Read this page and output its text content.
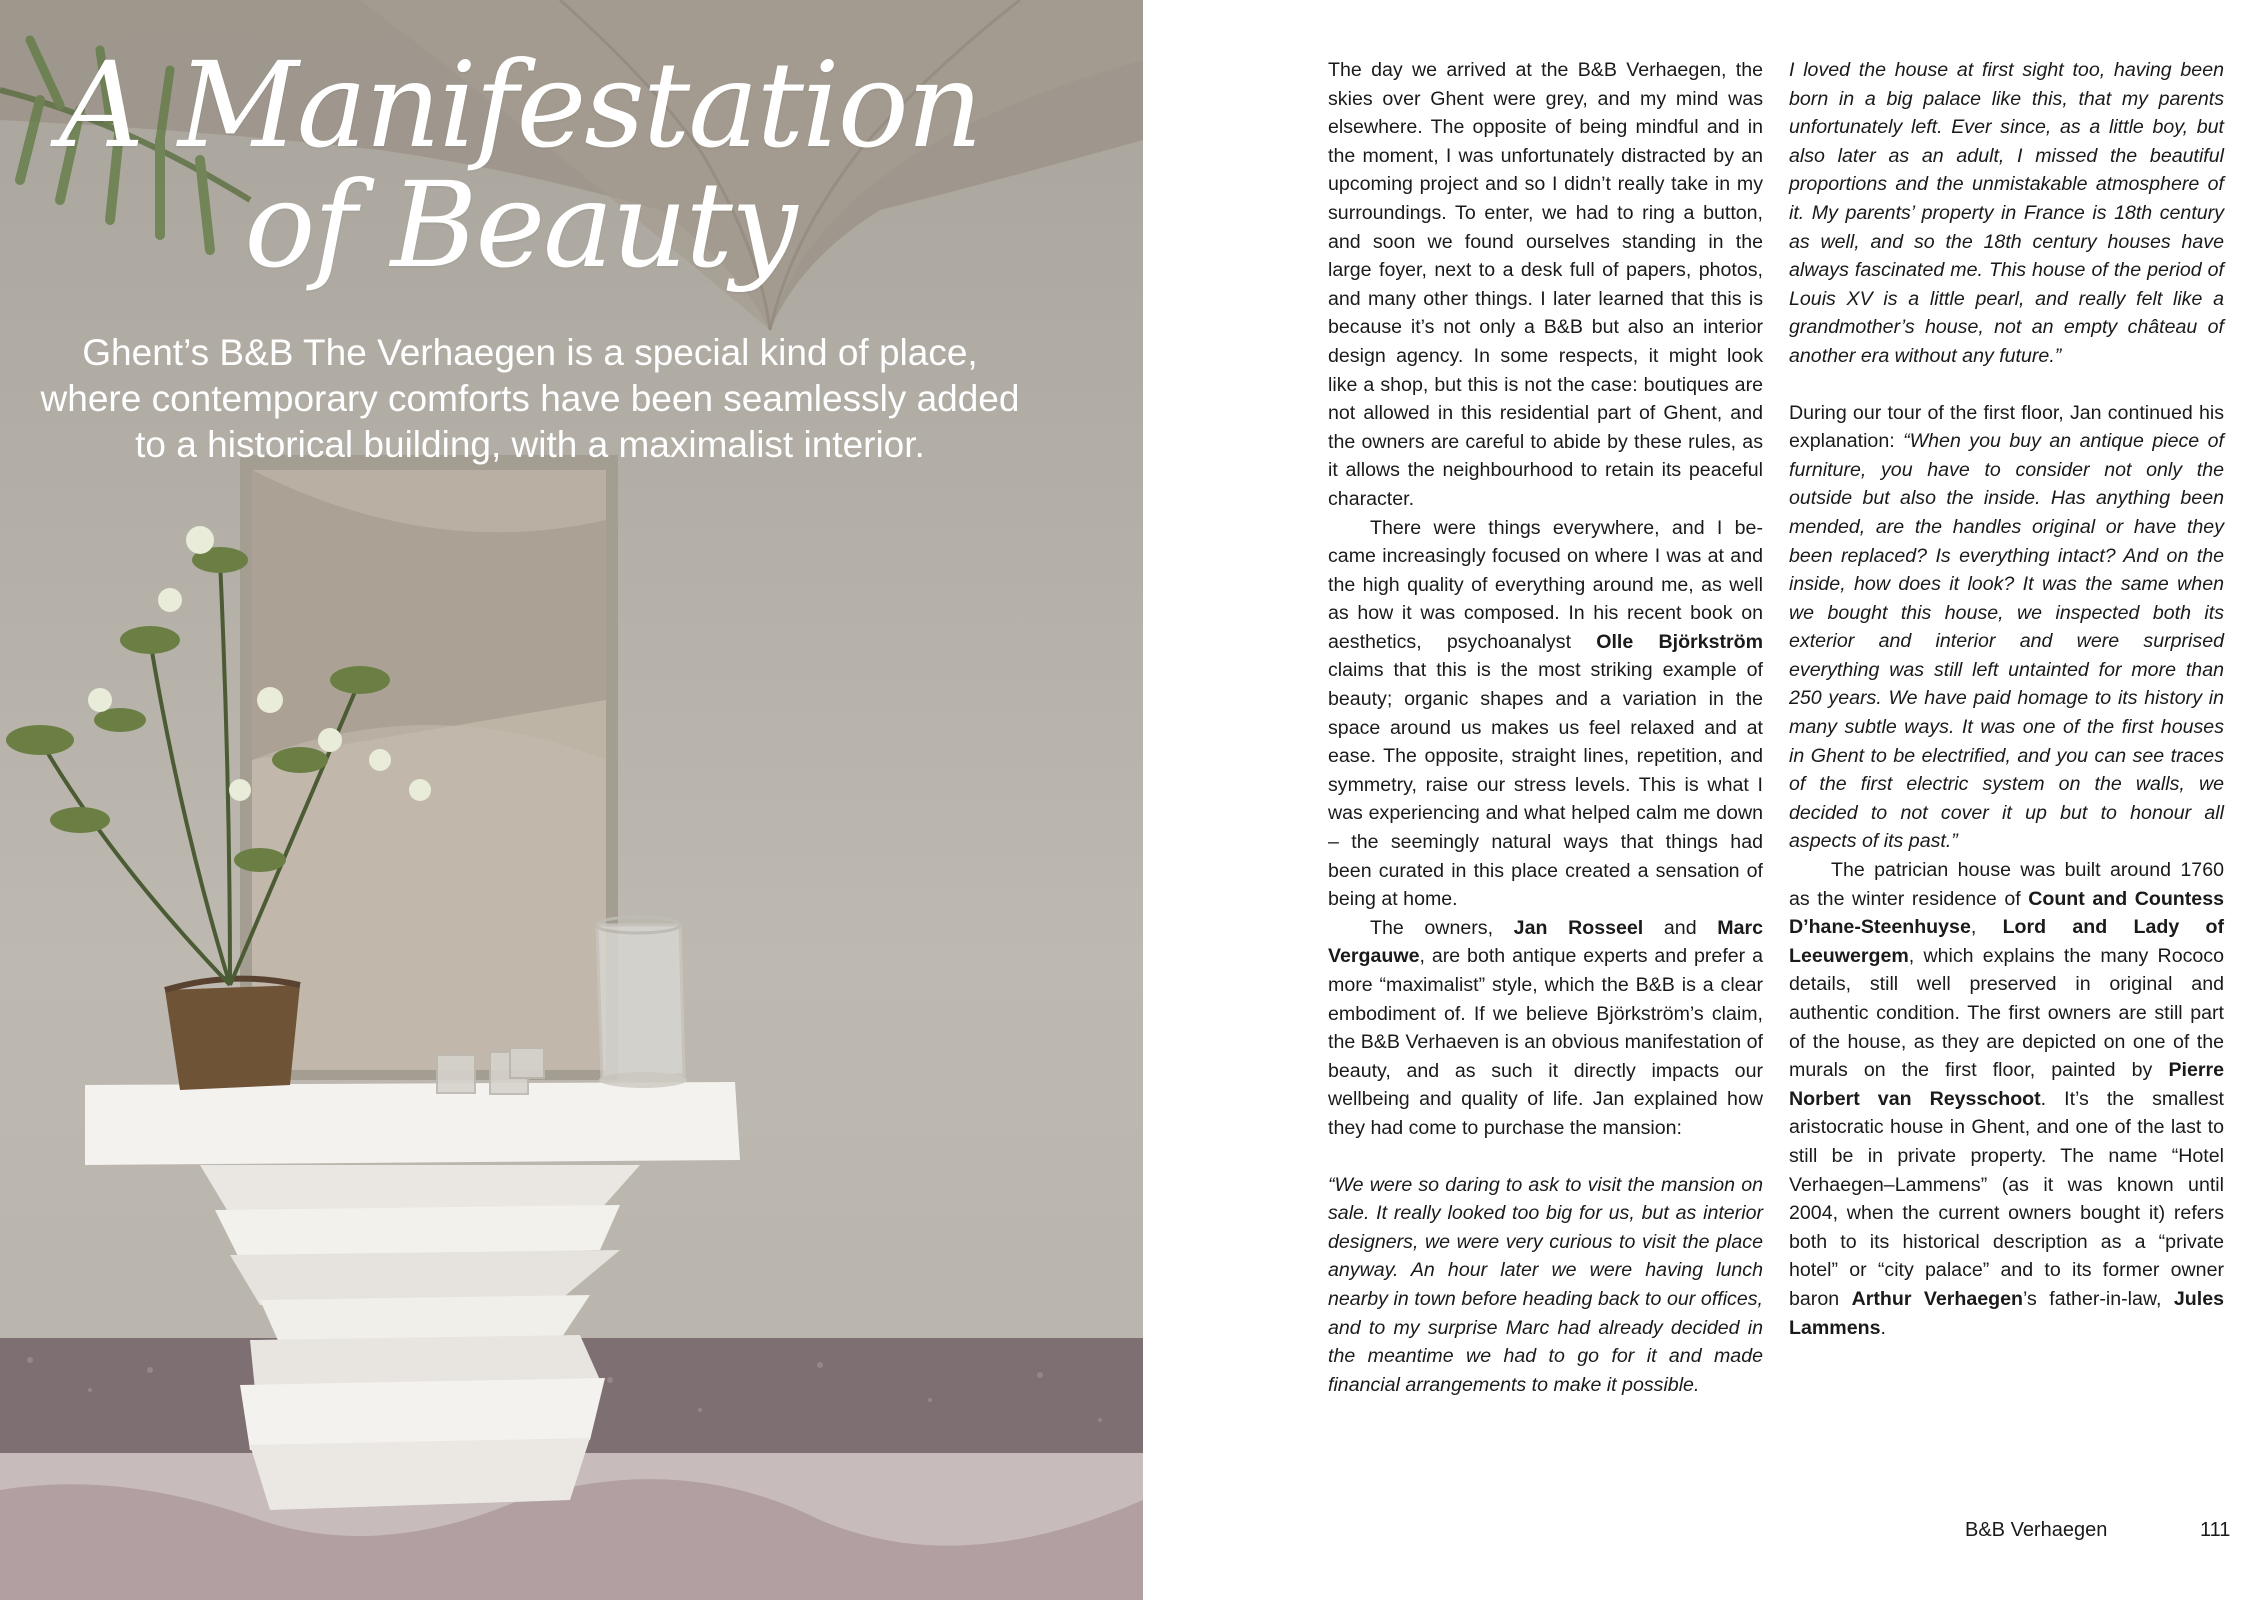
A Manifestation
of Beauty
Ghent’s B&B The Verhaegen is a special kind of place, where contemporary comforts have been seamlessly added to a historical building, with a maximalist interior.

The day we arrived at the B&B Verhaegen, the skies over Ghent were grey, and my mind was elsewhere. The opposite of being mindful and in the moment, I was unfortunately distracted by an upcoming project and so I didn’t really take in my surroundings. To enter, we had to ring a button, and soon we found ourselves standing in the large foyer, next to a desk full of papers, photos, and many other things. I later learned that this is because it’s not only a B&B but also an interior design agency. In some respects, it might look like a shop, but this is not the case: boutiques are not allowed in this residential part of Ghent, and the owners are careful to abide by these rules, as it allows the neighbourhood to retain its peaceful character.

There were things everywhere, and I became increasingly focused on where I was at and the high quality of everything around me, as well as how it was composed. In his recent book on aesthetics, psychoanalyst Olle Björkström claims that this is the most striking example of beauty; organic shapes and a variation in the space around us makes us feel relaxed and at ease. The opposite, straight lines, repetition, and symmetry, raise our stress levels. This is what I was experiencing and what helped calm me down – the seemingly natural ways that things had been curated in this place created a sensation of being at home.

The owners, Jan Rosseel and Marc Vergauwe, are both antique experts and prefer a more “maximalist” style, which the B&B is a clear embodiment of. If we believe Björkström’s claim, the B&B Verhaeven is an obvious manifestation of beauty, and as such it directly impacts our wellbeing and quality of life. Jan explained how they had come to purchase the mansion:

“We were so daring to ask to visit the mansion on sale. It really looked too big for us, but as interior designers, we were very curious to visit the place anyway. An hour later we were having lunch nearby in town before heading back to our offices, and to my surprise Marc had already decided in the meantime we had to go for it and made financial arrangements to make it possible.

I loved the house at first sight too, having been born in a big palace like this, that my parents unfortunately left. Ever since, as a little boy, but also later as an adult, I missed the beautiful proportions and the unmistakable atmosphere of it. My parents’ property in France is 18th century as well, and so the 18th century houses have always fascinated me. This house of the period of Louis XV is a little pearl, and really felt like a grandmother’s house, not an empty château of another era without any future.”

During our tour of the first floor, Jan continued his explanation: “When you buy an antique piece of furniture, you have to consider not only the outside but also the inside. Has anything been mended, are the handles original or have they been replaced? Is everything intact? And on the inside, how does it look? It was the same when we bought this house, we inspected both its exterior and interior and were surprised everything was still left untainted for more than 250 years. We have paid homage to its history in many subtle ways. It was one of the first houses in Ghent to be electrified, and you can see traces of the first electric system on the walls, we decided to not cover it up but to honour all aspects of its past.”

The patrician house was built around 1760 as the winter residence of Count and Countess D’hane-Steenhuyse, Lord and Lady of Leeuwergem, which explains the many Rococo details, still well preserved in original and authentic condition. The first owners are still part of the house, as they are depicted on one of the murals on the first floor, painted by Pierre Norbert van Reysschoot. It’s the smallest aristocratic house in Ghent, and one of the last to still be in private property. The name “Hotel Verhaegen–Lammens” (as it was known until 2004, when the current owners bought it) refers both to its historical description as a “private hotel” or “city palace” and to its former owner baron Arthur Verhaegen’s father-in-law, Jules Lammens.

B&B Verhaegen	111
